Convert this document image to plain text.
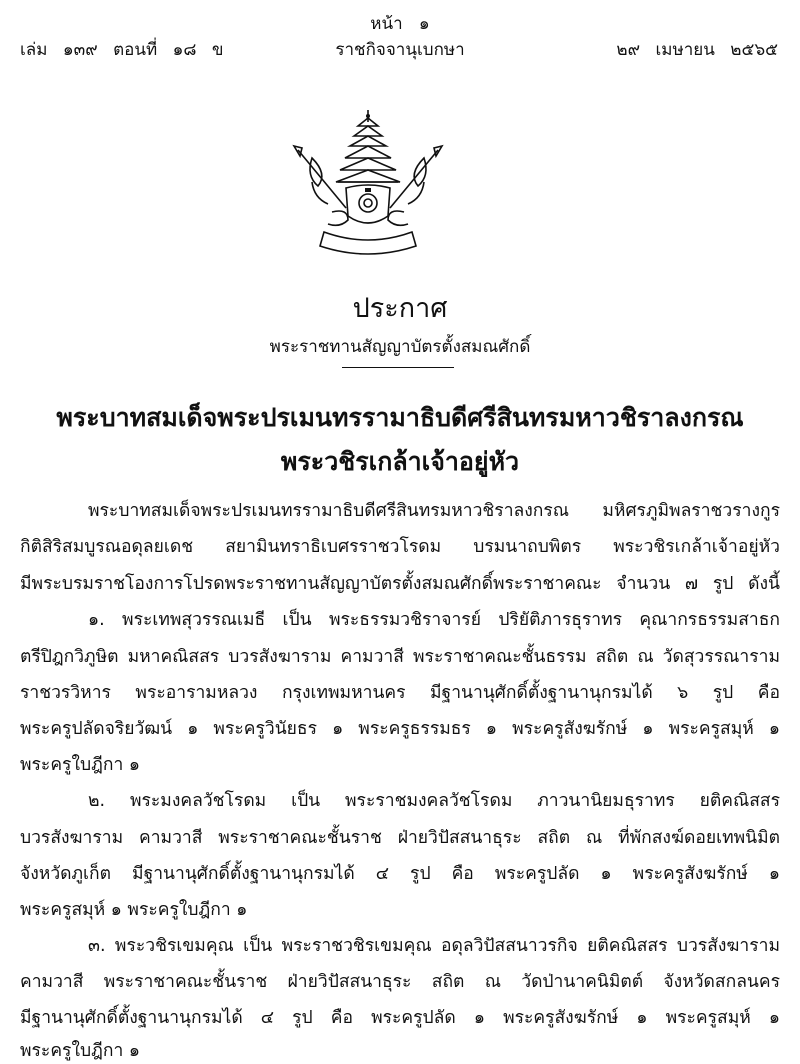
หน้า ๑
เล่ม ๑๓๙ ตอนที่ ๑๘ ข	ราชกิจจานุเบกษา	๒๙ เมษายน ๒๕๖๕
ประกาศ
พระราชทานสัญญาบัตรตั้งสมณศักดิ์
พระบาทสมเด็จพระปรเมนทรรามาธิบดีศรีสินทรมหาวชิราลงกรณ
พระวชิรเกล้าเจ้าอยู่หัว
พระบาทสมเด็จพระปรเมนทรรามาธิบดีศรีสินทรมหาวชิราลงกรณ มหิศรภูมิพลราชวรางกูร
กิติสิริสมบูรณอดุลยเดช สยามินทราธิเบศรราชวโรดม บรมนาถบพิตร พระวชิรเกล้าเจ้าอยู่หัว
มีพระบรมราชโองการโปรดพระราชทานสัญญาบัตรตั้งสมณศักดิ์พระราชาคณะ จำนวน ๗ รูป ดังนี้
๑. พระเทพสุวรรณเมธี เป็น พระธรรมวชิราจารย์ ปริยัติภารธุราทร คุณากรธรรมสาธก
ตรีปิฎกวิภูษิต มหาคณิสสร บวรสังฆาราม คามวาสี พระราชาคณะชั้นธรรม สถิต ณ วัดสุวรรณาราม
ราชวรวิหาร พระอารามหลวง กรุงเทพมหานคร มีฐานานุศักดิ์ตั้งฐานานุกรมได้ ๖ รูป คือ
พระครูปลัดจริยวัฒน์ ๑ พระครูวินัยธร ๑ พระครูธรรมธร ๑ พระครูสังฆรักษ์ ๑ พระครูสมุห์ ๑
พระครูใบฎีกา ๑
๒. พระมงคลวัชโรดม เป็น พระราชมงคลวัชโรดม ภาวนานิยมธุราทร ยติคณิสสร
บวรสังฆาราม คามวาสี พระราชาคณะชั้นราช ฝ่ายวิปัสสนาธุระ สถิต ณ ที่พักสงฆ์ดอยเทพนิมิต
จังหวัดภูเก็ต มีฐานานุศักดิ์ตั้งฐานานุกรมได้ ๔ รูป คือ พระครูปลัด ๑ พระครูสังฆรักษ์ ๑
พระครูสมุห์ ๑ พระครูใบฎีกา ๑
๓. พระวชิรเขมคุณ เป็น พระราชวชิรเขมคุณ อดุลวิปัสสนาวรกิจ ยติคณิสสร บวรสังฆาราม
คามวาสี พระราชาคณะชั้นราช ฝ่ายวิปัสสนาธุระ สถิต ณ วัดป่านาคนิมิตต์ จังหวัดสกลนคร
มีฐานานุศักดิ์ตั้งฐานานุกรมได้ ๔ รูป คือ พระครูปลัด ๑ พระครูสังฆรักษ์ ๑ พระครูสมุห์ ๑
พระครูใบฎีกา ๑
